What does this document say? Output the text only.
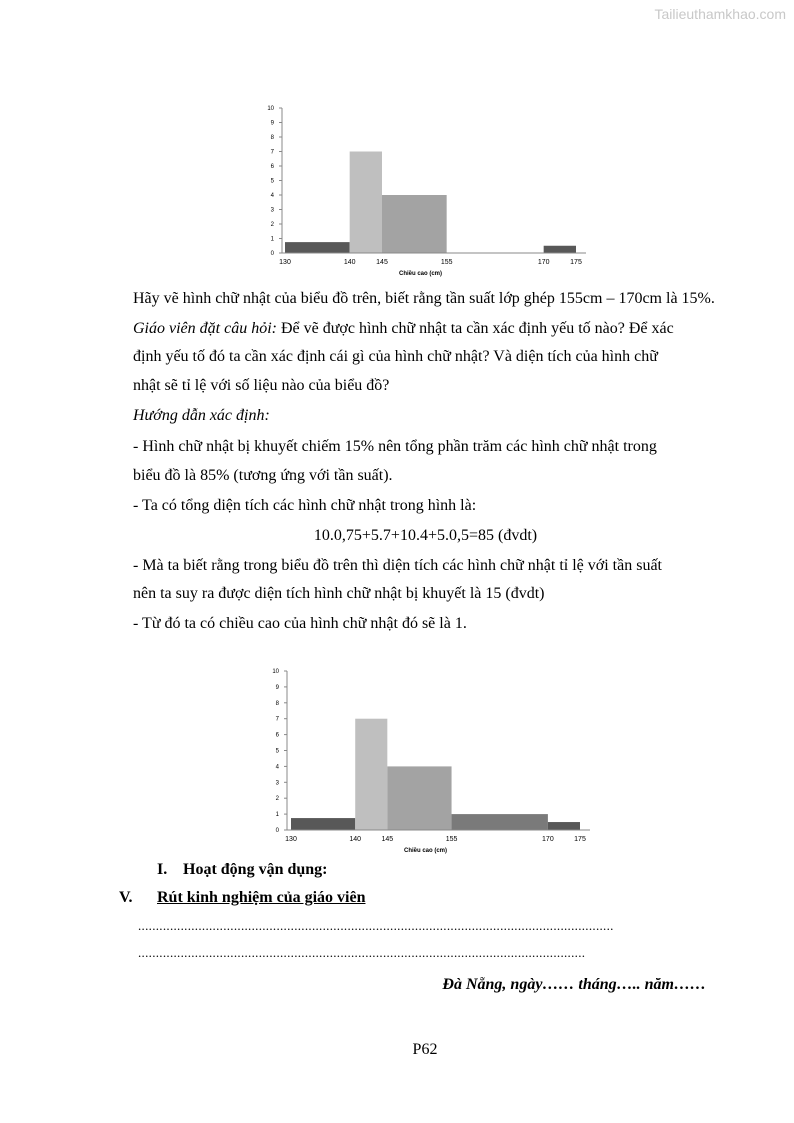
Tailieuthamkhao.com
0
1
2
3
4
5
6
7
8
9
10
130	140	145	155	170	175
Chiều cao (cm)
Hãy vẽ hình chữ nhật của biểu đồ trên, biết rằng tần suất lớp ghép 155cm – 170cm là 15%.
Giáo viên đặt câu hỏi: Để vẽ được hình chữ nhật ta cần xác định yếu tố nào? Để xác
định yếu tố đó ta cần xác định cái gì của hình chữ nhật? Và diện tích của hình chữ
nhật sẽ tỉ lệ với số liệu nào của biểu đồ?
Hướng dẫn xác định:
- Hình chữ nhật bị khuyết chiếm 15% nên tổng phần trăm các hình chữ nhật trong
biểu đồ là 85% (tương ứng với tần suất).
- Ta có tổng diện tích các hình chữ nhật trong hình là:
10.0,75+5.7+10.4+5.0,5=85 (đvdt)
- Mà ta biết rằng trong biểu đồ trên thì diện tích các hình chữ nhật tỉ lệ với tần suất
nên ta suy ra được diện tích hình chữ nhật bị khuyết là 15 (đvdt)
- Từ đó ta có chiều cao của hình chữ nhật đó sẽ là 1.
0
1
2
3
4
5
6
7
8
9
10
130	140	145	155	170	175
Chiều cao (cm)
I. Hoạt động vận dụng:
V. Rút kinh nghiệm của giáo viên
......................................................................................................................................
..............................................................................................................................
Đà Nẵng, ngày…… tháng….. năm……
P62
